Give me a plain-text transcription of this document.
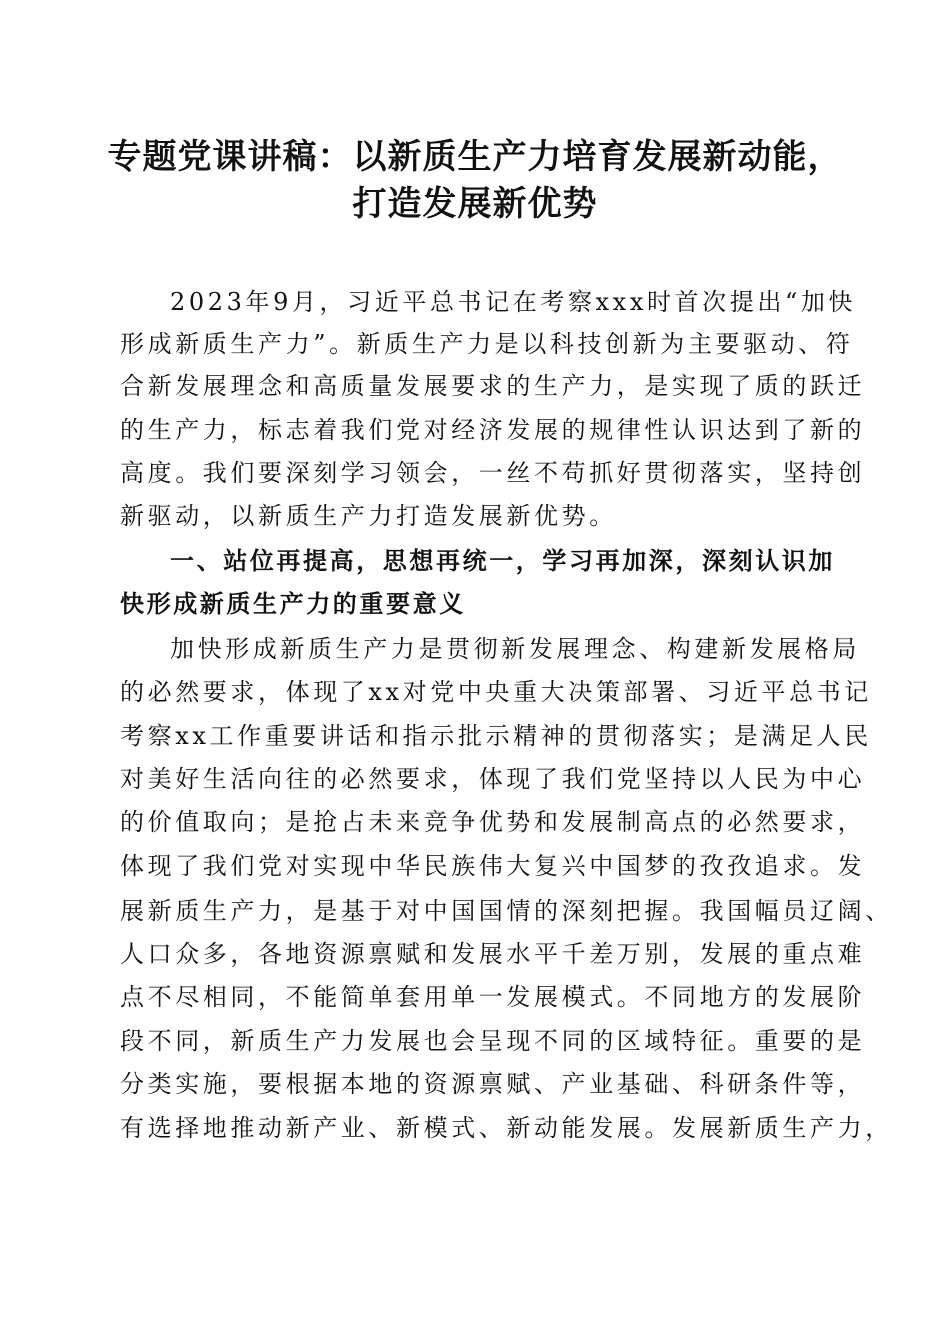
专题党课讲稿：以新质生产力培育发展新动能，
打造发展新优势
2023年9月，习近平总书记在考察xxx时首次提出“加快
形成新质生产力”。新质生产力是以科技创新为主要驱动、符
合新发展理念和高质量发展要求的生产力，是实现了质的跃迁
的生产力，标志着我们党对经济发展的规律性认识达到了新的
高度。我们要深刻学习领会，一丝不苟抓好贯彻落实，坚持创
新驱动，以新质生产力打造发展新优势。
一、站位再提高，思想再统一，学习再加深，深刻认识加
快形成新质生产力的重要意义
加快形成新质生产力是贯彻新发展理念、构建新发展格局
的必然要求，体现了xx对党中央重大决策部署、习近平总书记
考察xx工作重要讲话和指示批示精神的贯彻落实；是满足人民
对美好生活向往的必然要求，体现了我们党坚持以人民为中心
的价值取向；是抢占未来竞争优势和发展制高点的必然要求，
体现了我们党对实现中华民族伟大复兴中国梦的孜孜追求。发
展新质生产力，是基于对中国国情的深刻把握。我国幅员辽阔、
人口众多，各地资源禀赋和发展水平千差万别，发展的重点难
点不尽相同，不能简单套用单一发展模式。不同地方的发展阶
段不同，新质生产力发展也会呈现不同的区域特征。重要的是
分类实施，要根据本地的资源禀赋、产业基础、科研条件等，
有选择地推动新产业、新模式、新动能发展。发展新质生产力，
